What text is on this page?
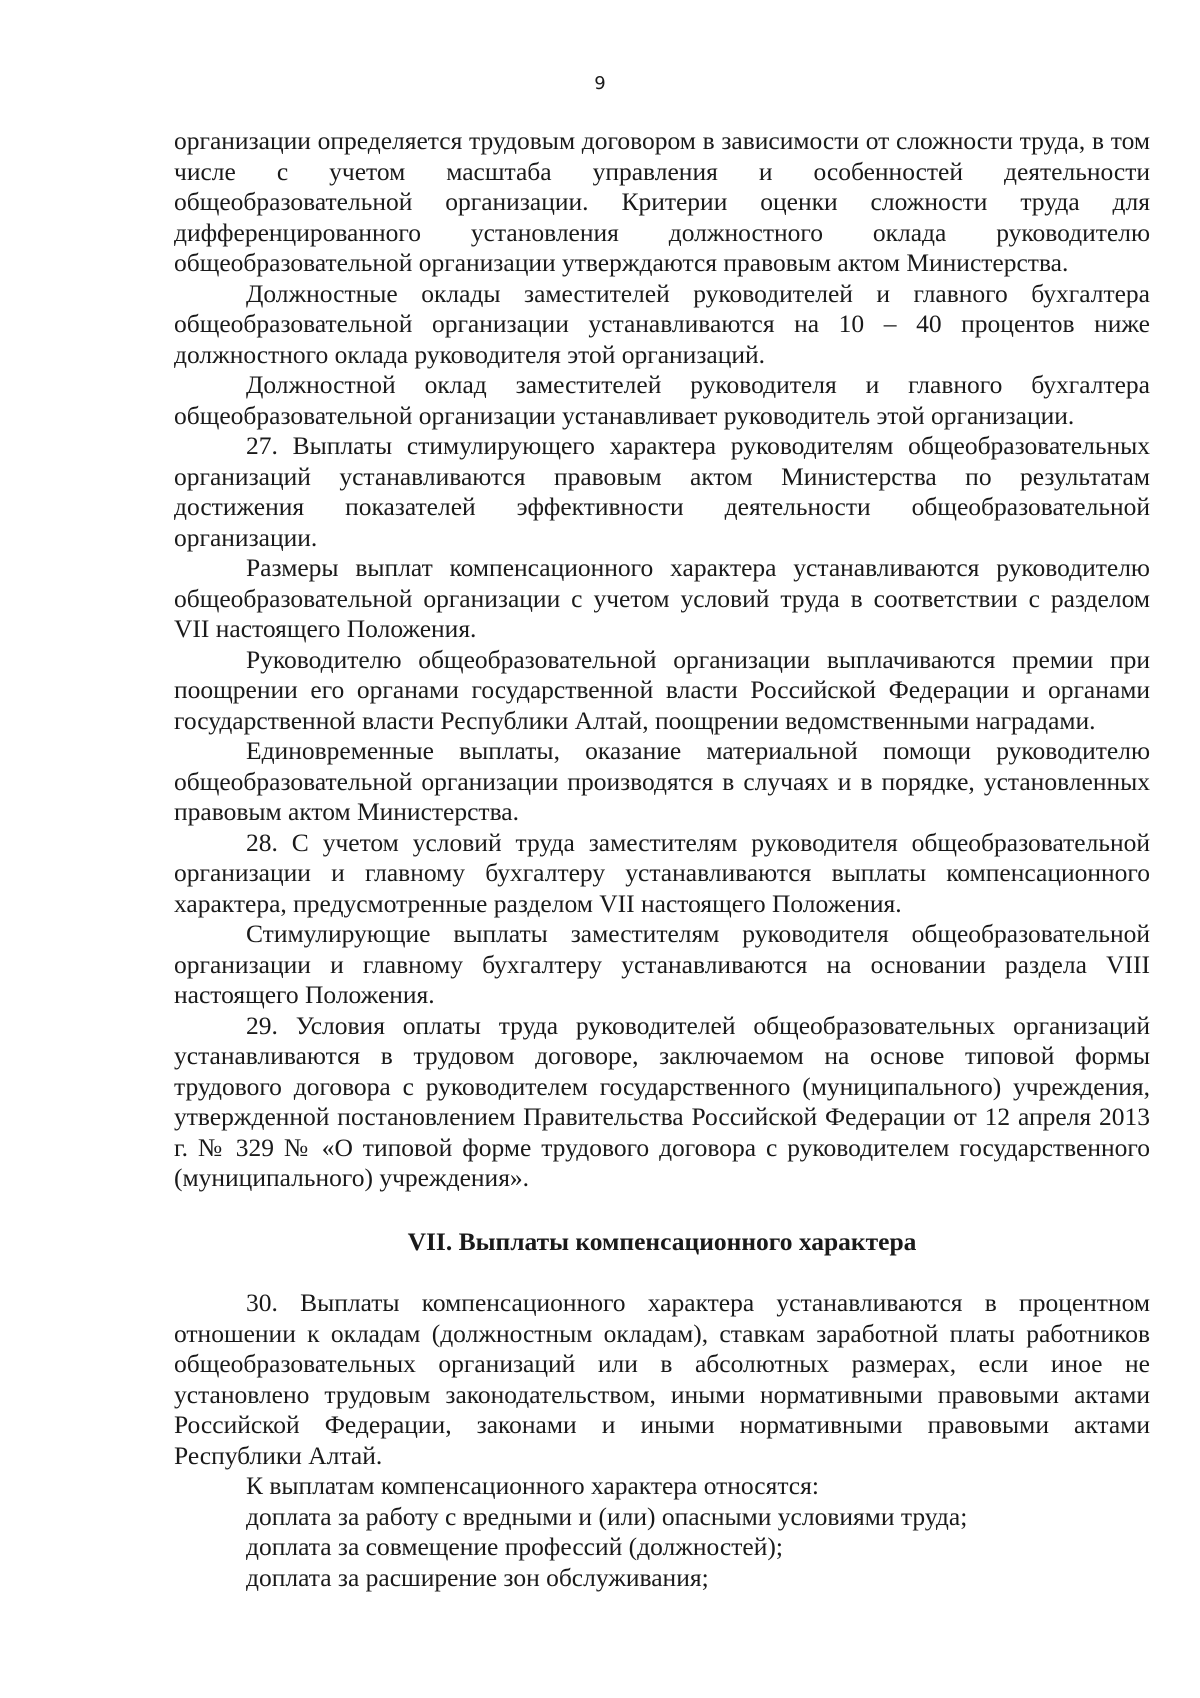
9

организации определяется трудовым договором в зависимости от сложности труда, в том числе с учетом масштаба управления и особенностей деятельности общеобразовательной организации. Критерии оценки сложности труда для дифференцированного установления должностного оклада руководителю общеобразовательной организации утверждаются правовым актом Министерства.

Должностные оклады заместителей руководителей и главного бухгалтера общеобразовательной организации устанавливаются на 10 – 40 процентов ниже должностного оклада руководителя этой организаций.

Должностной оклад заместителей руководителя и главного бухгалтера общеобразовательной организации устанавливает руководитель этой организации.

27. Выплаты стимулирующего характера руководителям общеобразовательных организаций устанавливаются правовым актом Министерства по результатам достижения показателей эффективности деятельности общеобразовательной организации.

Размеры выплат компенсационного характера устанавливаются руководителю общеобразовательной организации с учетом условий труда в соответствии с разделом VII настоящего Положения.

Руководителю общеобразовательной организации выплачиваются премии при поощрении его органами государственной власти Российской Федерации и органами государственной власти Республики Алтай, поощрении ведомственными наградами.

Единовременные выплаты, оказание материальной помощи руководителю общеобразовательной организации производятся в случаях и в порядке, установленных правовым актом Министерства.

28. С учетом условий труда заместителям руководителя общеобразовательной организации и главному бухгалтеру устанавливаются выплаты компенсационного характера, предусмотренные разделом VII настоящего Положения.

Стимулирующие выплаты заместителям руководителя общеобразовательной организации и главному бухгалтеру устанавливаются на основании раздела VIII настоящего Положения.

29. Условия оплаты труда руководителей общеобразовательных организаций устанавливаются в трудовом договоре, заключаемом на основе типовой формы трудового договора с руководителем государственного (муниципального) учреждения, утвержденной постановлением Правительства Российской Федерации от 12 апреля 2013 г. № 329 № «О типовой форме трудового договора с руководителем государственного (муниципального) учреждения».

VII. Выплаты компенсационного характера

30. Выплаты компенсационного характера устанавливаются в процентном отношении к окладам (должностным окладам), ставкам заработной платы работников общеобразовательных организаций или в абсолютных размерах, если иное не установлено трудовым законодательством, иными нормативными правовыми актами Российской Федерации, законами и иными нормативными правовыми актами Республики Алтай.

К выплатам компенсационного характера относятся:

доплата за работу с вредными и (или) опасными условиями труда;

доплата за совмещение профессий (должностей);

доплата за расширение зон обслуживания;
